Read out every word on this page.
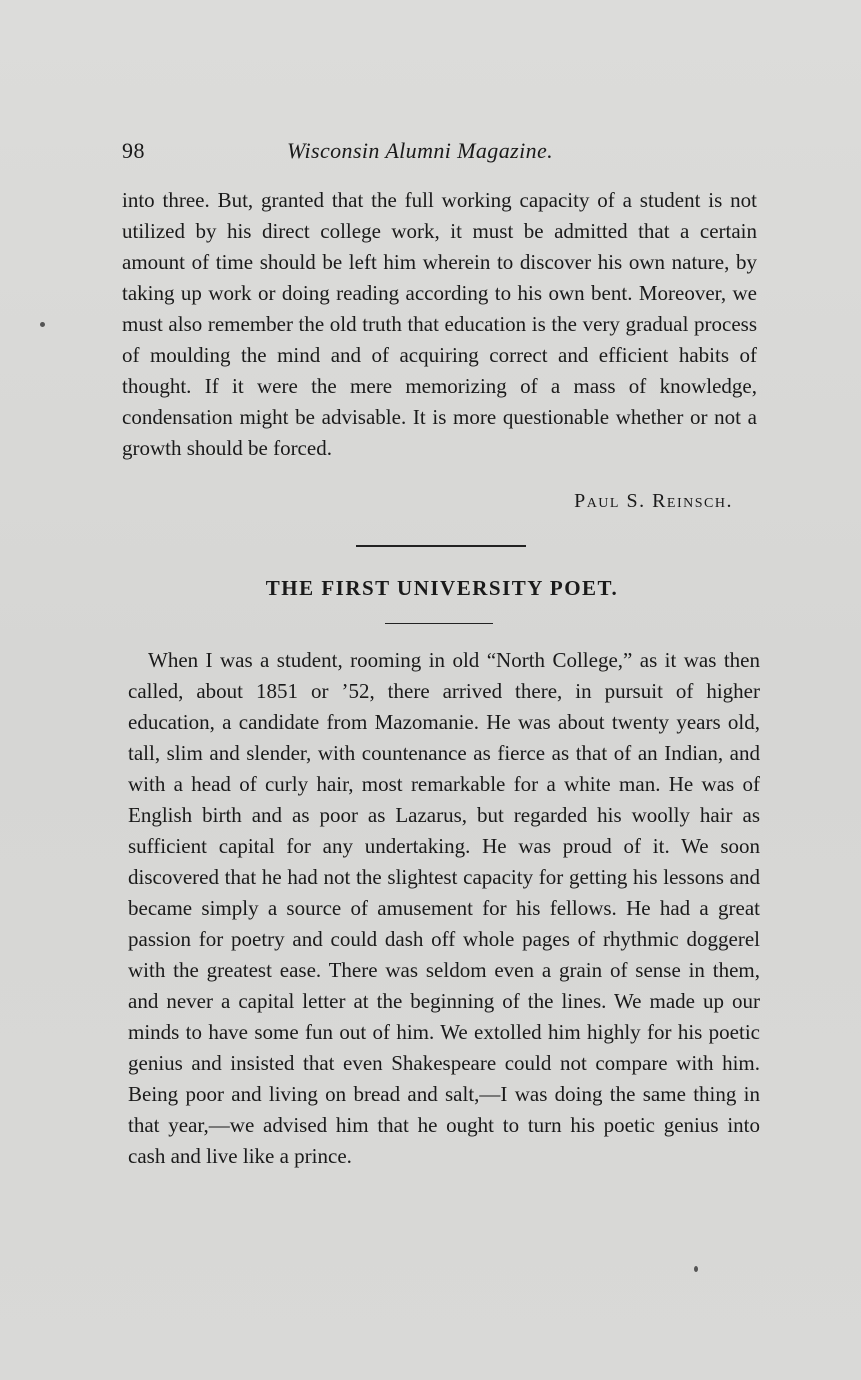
98	Wisconsin Alumni Magazine.

into three. But, granted that the full working capacity of a student is not utilized by his direct college work, it must be admitted that a certain amount of time should be left him wherein to discover his own nature, by taking up work or doing reading according to his own bent. Moreover, we must also remember the old truth that education is the very gradual process of moulding the mind and of acquiring correct and efficient habits of thought. If it were the mere memorizing of a mass of knowledge, condensation might be advisable. It is more questionable whether or not a growth should be forced.

Paul S. Reinsch.
THE FIRST UNIVERSITY POET.

When I was a student, rooming in old “North College,” as it was then called, about 1851 or ’52, there arrived there, in pursuit of higher education, a candidate from Mazomanie. He was about twenty years old, tall, slim and slender, with countenance as fierce as that of an Indian, and with a head of curly hair, most remarkable for a white man. He was of English birth and as poor as Lazarus, but regarded his woolly hair as sufficient capital for any undertaking. He was proud of it. We soon discovered that he had not the slightest capacity for getting his lessons and became simply a source of amusement for his fellows. He had a great passion for poetry and could dash off whole pages of rhythmic doggerel with the greatest ease. There was seldom even a grain of sense in them, and never a capital letter at the beginning of the lines. We made up our minds to have some fun out of him. We extolled him highly for his poetic genius and insisted that even Shakespeare could not compare with him. Being poor and living on bread and salt,—I was doing the same thing in that year,—we advised him that he ought to turn his poetic genius into cash and live like a prince.
